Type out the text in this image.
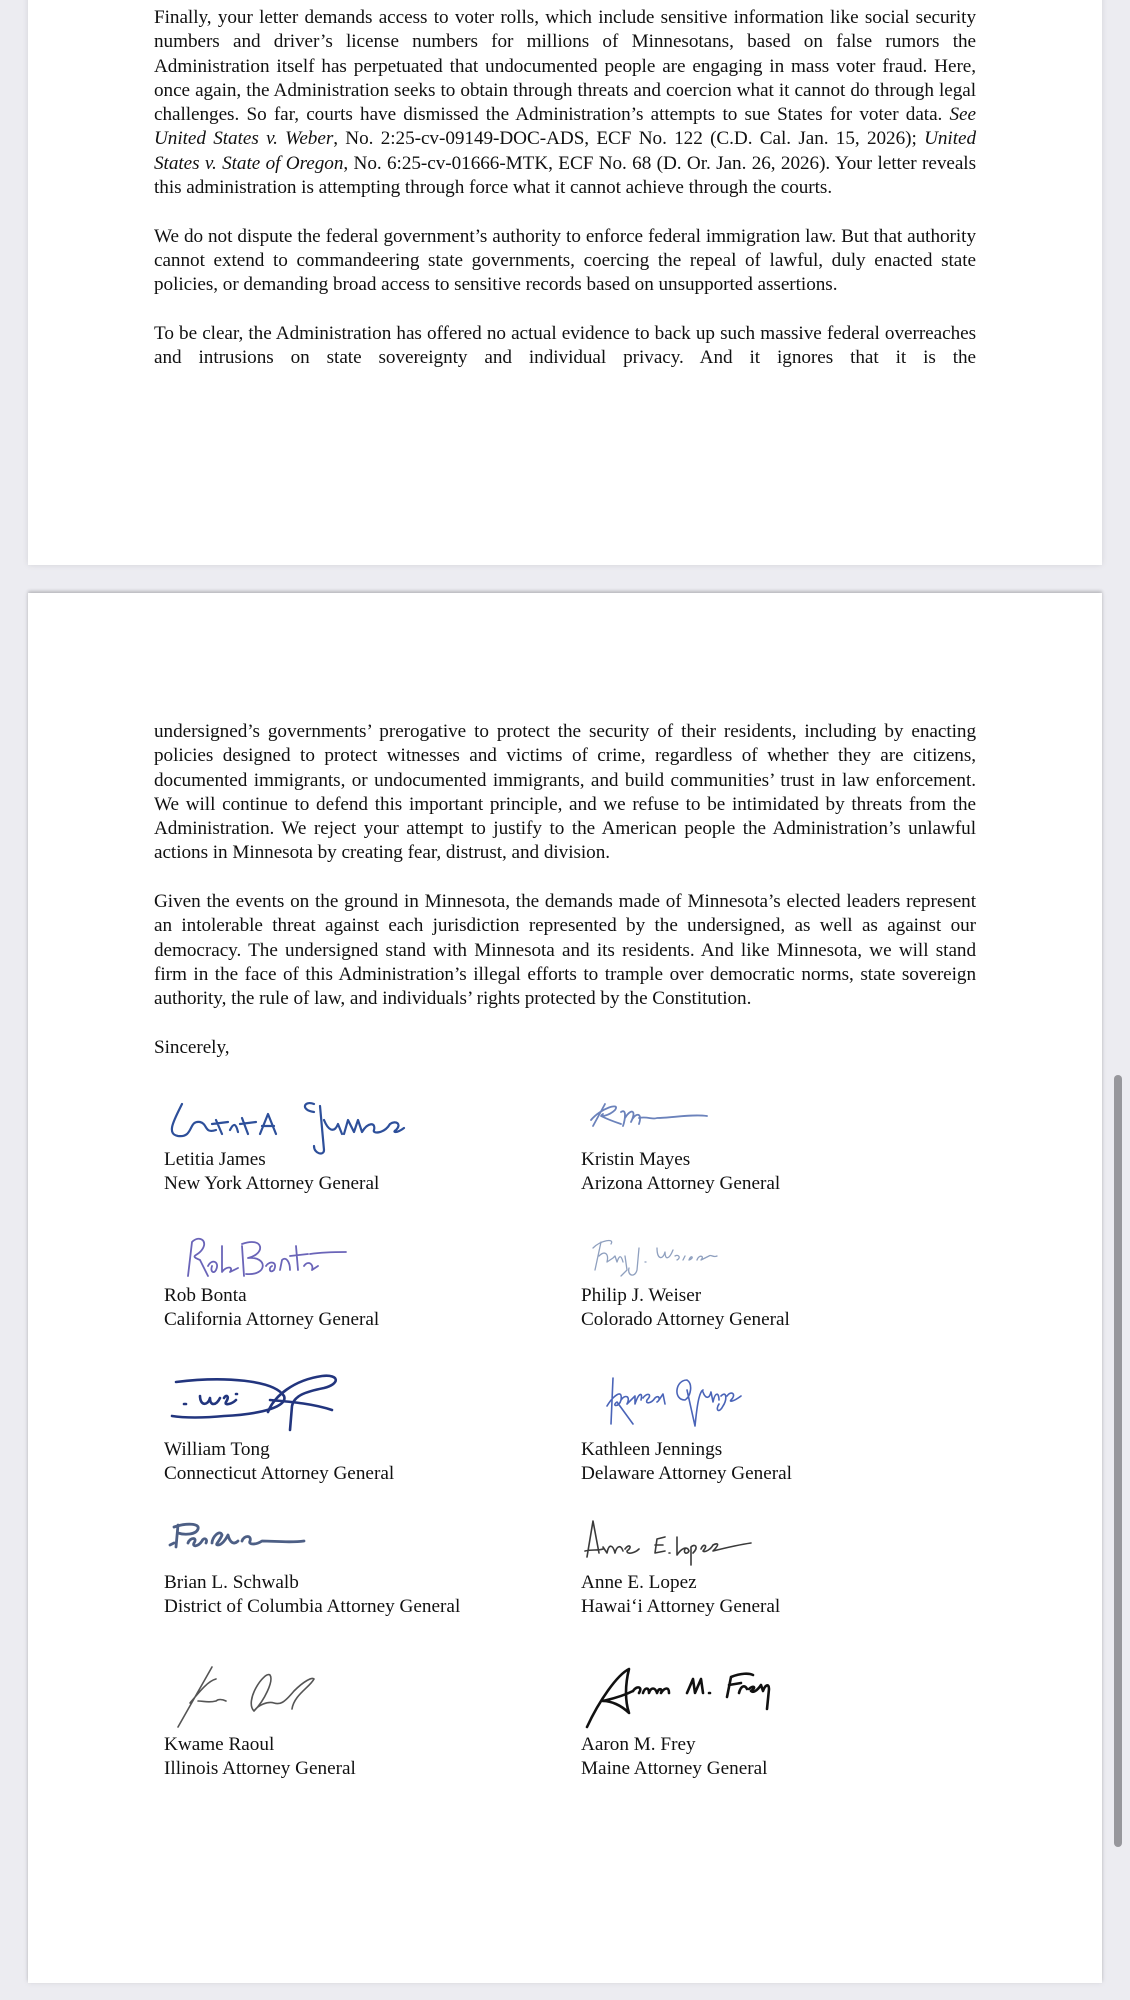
Finally, your letter demands access to voter rolls, which include sensitive information like social security numbers and driver’s license numbers for millions of Minnesotans, based on false rumors the Administration itself has perpetuated that undocumented people are engaging in mass voter fraud. Here, once again, the Administration seeks to obtain through threats and coercion what it cannot do through legal challenges. So far, courts have dismissed the Administration’s attempts to sue States for voter data. See United States v. Weber, No. 2:25-cv-09149-DOC-ADS, ECF No. 122 (C.D. Cal. Jan. 15, 2026); United States v. State of Oregon, No. 6:25-cv-01666-MTK, ECF No. 68 (D. Or. Jan. 26, 2026). Your letter reveals this administration is attempting through force what it cannot achieve through the courts.

We do not dispute the federal government’s authority to enforce federal immigration law. But that authority cannot extend to commandeering state governments, coercing the repeal of lawful, duly enacted state policies, or demanding broad access to sensitive records based on unsupported assertions.

To be clear, the Administration has offered no actual evidence to back up such massive federal overreaches and intrusions on state sovereignty and individual privacy. And it ignores that it is the

undersigned’s governments’ prerogative to protect the security of their residents, including by enacting policies designed to protect witnesses and victims of crime, regardless of whether they are citizens, documented immigrants, or undocumented immigrants, and build communities’ trust in law enforcement. We will continue to defend this important principle, and we refuse to be intimidated by threats from the Administration. We reject your attempt to justify to the American people the Administration’s unlawful actions in Minnesota by creating fear, distrust, and division.

Given the events on the ground in Minnesota, the demands made of Minnesota’s elected leaders represent an intolerable threat against each jurisdiction represented by the undersigned, as well as against our democracy. The undersigned stand with Minnesota and its residents. And like Minnesota, we will stand firm in the face of this Administration’s illegal efforts to trample over democratic norms, state sovereign authority, the rule of law, and individuals’ rights protected by the Constitution.

Sincerely,

Letitia James
New York Attorney General
Kristin Mayes
Arizona Attorney General
Rob Bonta
California Attorney General
Philip J. Weiser
Colorado Attorney General
William Tong
Connecticut Attorney General
Kathleen Jennings
Delaware Attorney General
Brian L. Schwalb
District of Columbia Attorney General
Anne E. Lopez
Hawai‘i Attorney General
Kwame Raoul
Illinois Attorney General
Aaron M. Frey
Maine Attorney General
